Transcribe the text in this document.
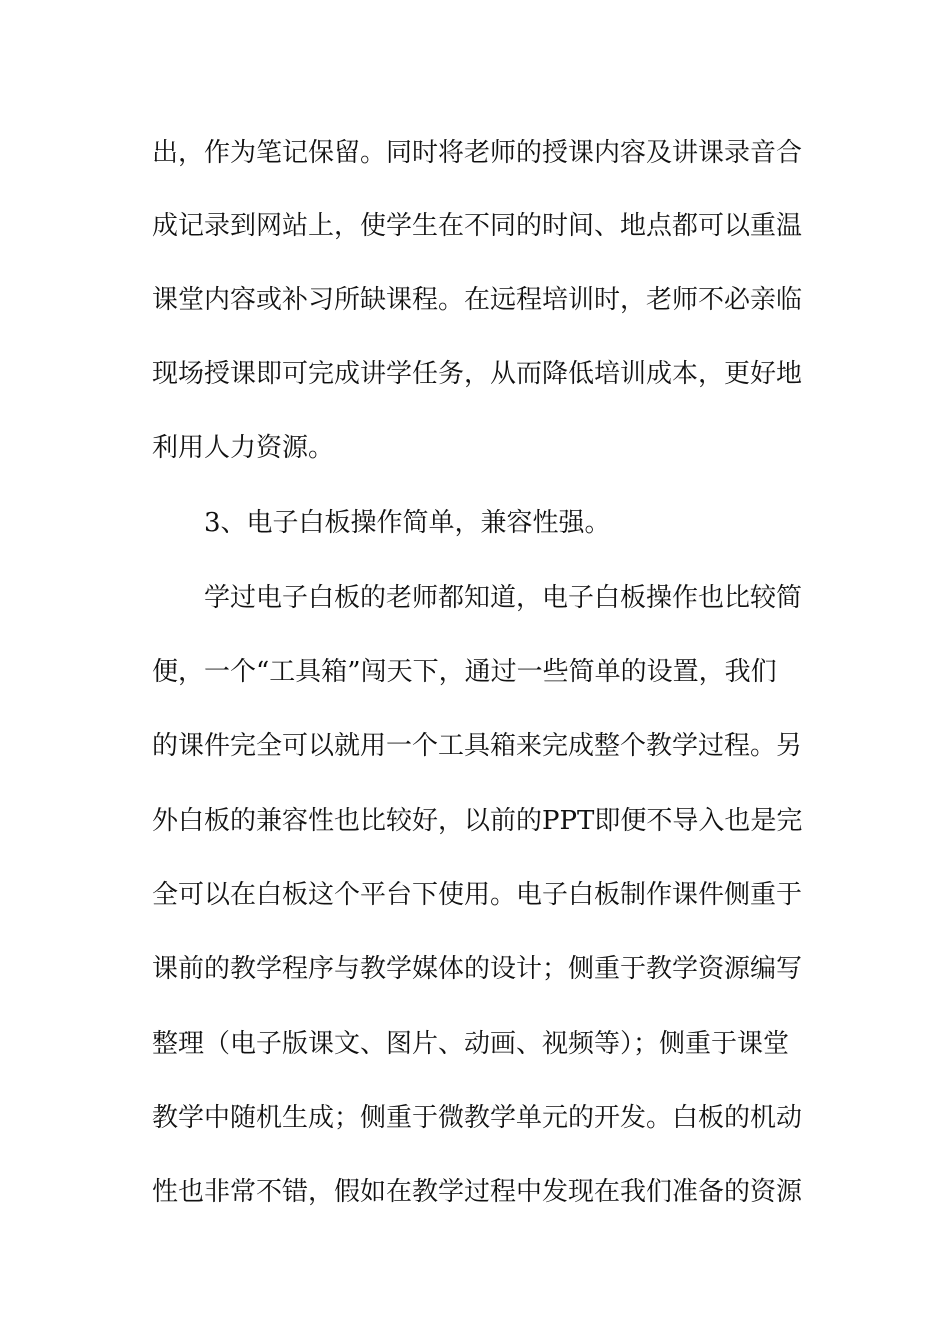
出，作为笔记保留。同时将老师的授课内容及讲课录音合
成记录到网站上，使学生在不同的时间、地点都可以重温
课堂内容或补习所缺课程。在远程培训时，老师不必亲临
现场授课即可完成讲学任务，从而降低培训成本，更好地
利用人力资源。
3、电子白板操作简单，兼容性强。
学过电子白板的老师都知道，电子白板操作也比较简
便，一个“工具箱”闯天下，通过一些简单的设置，我们
的课件完全可以就用一个工具箱来完成整个教学过程。另
外白板的兼容性也比较好，以前的PPT即便不导入也是完
全可以在白板这个平台下使用。电子白板制作课件侧重于
课前的教学程序与教学媒体的设计；侧重于教学资源编写
整理（电子版课文、图片、动画、视频等）；侧重于课堂
教学中随机生成；侧重于微教学单元的开发。白板的机动
性也非常不错，假如在教学过程中发现在我们准备的资源
